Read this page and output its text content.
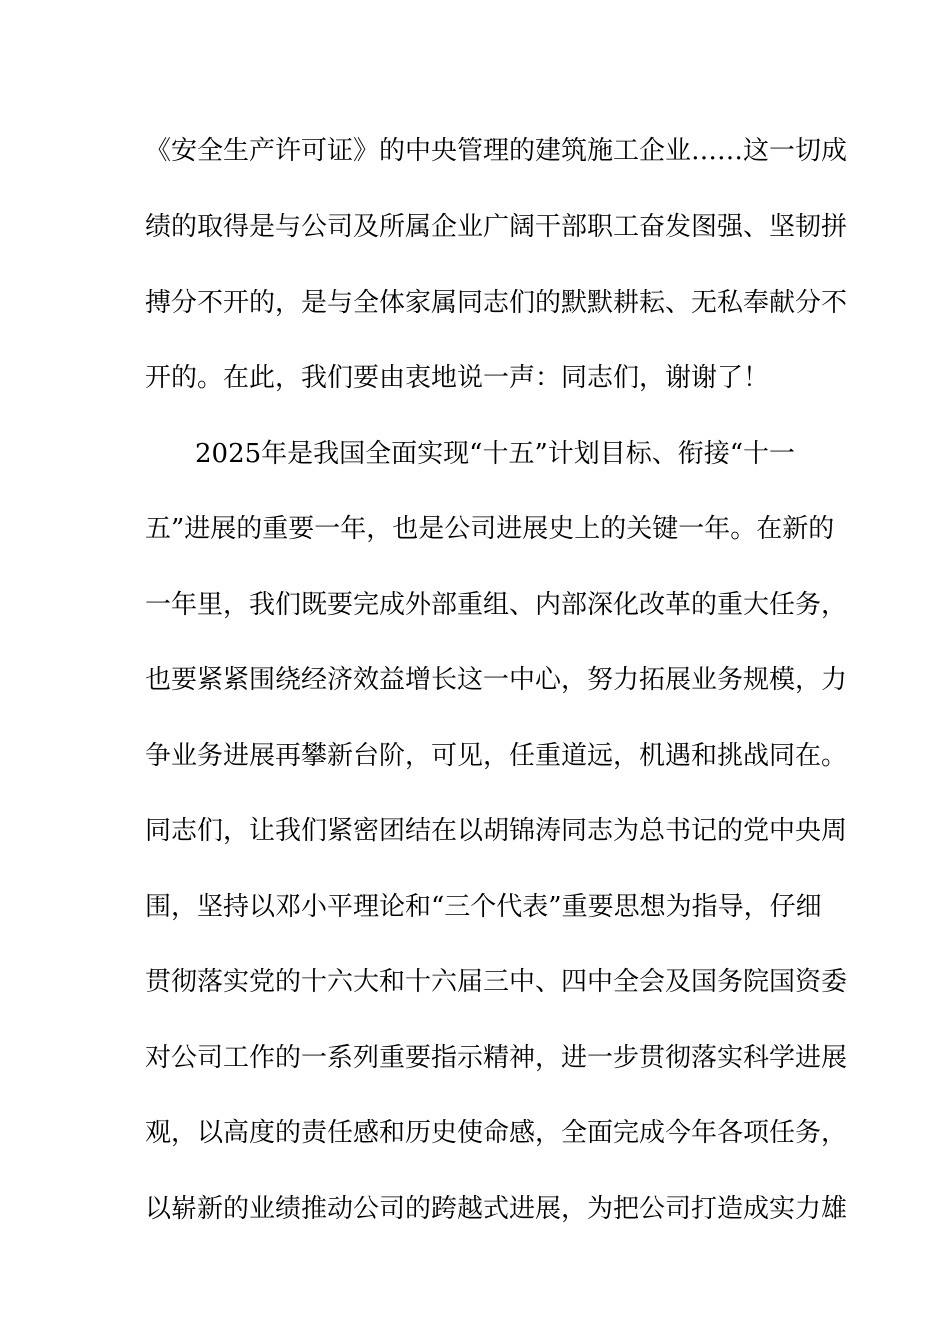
《安全生产许可证》的中央管理的建筑施工企业……这一切成
绩的取得是与公司及所属企业广阔干部职工奋发图强、坚韧拼
搏分不开的，是与全体家属同志们的默默耕耘、无私奉献分不
开的。在此，我们要由衷地说一声：同志们，谢谢了！
2025年是我国全面实现“十五”计划目标、衔接“十一
五”进展的重要一年，也是公司进展史上的关键一年。在新的
一年里，我们既要完成外部重组、内部深化改革的重大任务，
也要紧紧围绕经济效益增长这一中心，努力拓展业务规模，力
争业务进展再攀新台阶，可见，任重道远，机遇和挑战同在。
同志们，让我们紧密团结在以胡锦涛同志为总书记的党中央周
围，坚持以邓小平理论和“三个代表”重要思想为指导，仔细
贯彻落实党的十六大和十六届三中、四中全会及国务院国资委
对公司工作的一系列重要指示精神，进一步贯彻落实科学进展
观，以高度的责任感和历史使命感，全面完成今年各项任务，
以崭新的业绩推动公司的跨越式进展，为把公司打造成实力雄
